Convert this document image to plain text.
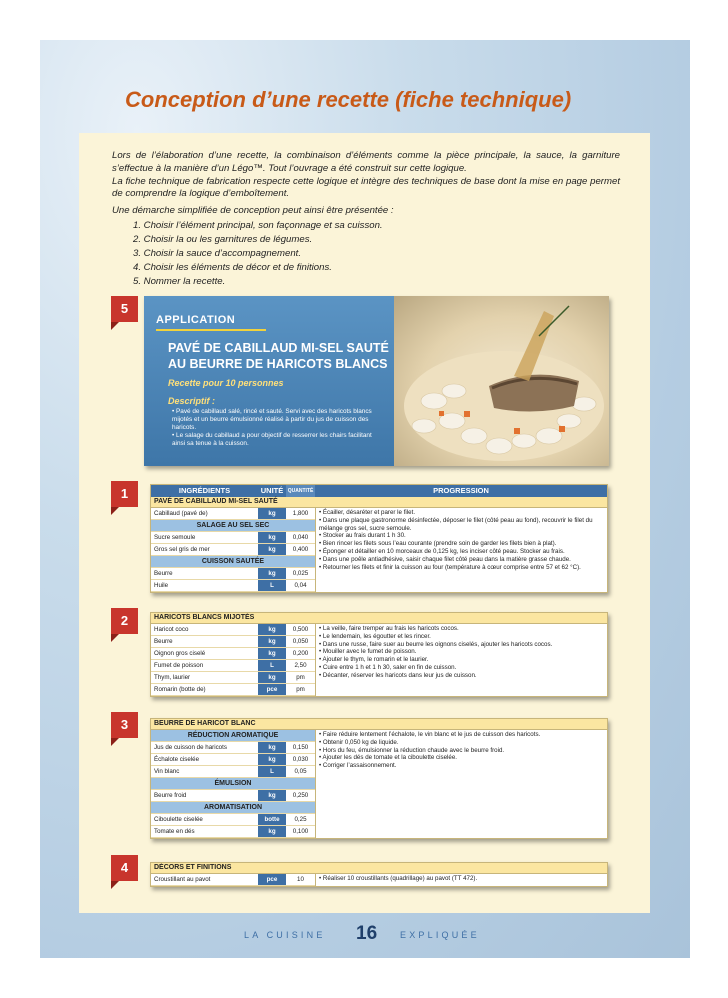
Conception d’une recette (fiche technique)

Lors de l’élaboration d’une recette, la combinaison d’éléments comme la pièce principale, la sauce, la garniture s’effectue à la manière d’un Légo™. Tout l’ouvrage a été construit sur cette logique.

La fiche technique de fabrication respecte cette logique et intègre des techniques de base dont la mise en page permet de comprendre la logique d’emboîtement.

Une démarche simplifiée de conception peut ainsi être présentée :

1. Choisir l’élément principal, son façonnage et sa cuisson.
2. Choisir la ou les garnitures de légumes.
3. Choisir la sauce d’accompagnement.
4. Choisir les éléments de décor et de finitions.
5. Nommer la recette.
5
1
2
3
4
APPLICATION
PAVÉ DE CABILLAUD MI-SEL SAUTÉ
AU BEURRE DE HARICOTS BLANCS
Recette pour 10 personnes
Descriptif :
• Pavé de cabillaud salé, rincé et sauté. Servi avec des haricots blancs mijotés et un beurre émulsionné réalisé à partir du jus de cuisson des haricots.
• Le salage du cabillaud a pour objectif de resserrer les chairs facilitant ainsi sa tenue à la cuisson.
INGRÉDIENTS	UNITÉ QUANTITÉ	PROGRESSION
PAVÉ DE CABILLAUD MI-SEL SAUTÉ
Cabillaud (pavé de)	kg	1,800
SALAGE AU SEL SEC
Sucre semoule	kg	0,040
Gros sel gris de mer	kg	0,400
CUISSON SAUTÉE
Beurre	kg	0,025
Huile	L	0,04
• Écailler, désaréter et parer le filet.
• Dans une plaque gastronorme désinfectée, déposer le filet (côté peau au fond), recouvrir le filet du mélange gros sel, sucre semoule.
• Stocker au frais durant 1 h 30.
• Bien rincer les filets sous l’eau courante (prendre soin de garder les filets bien à plat).
• Éponger et détailler en 10 morceaux de 0,125 kg, les inciser côté peau. Stocker au frais.
• Dans une poêle antiadhésive, saisir chaque filet côté peau dans la matière grasse chaude.
• Retourner les filets et finir la cuisson au four (température à cœur comprise entre 57 et 62 °C).
HARICOTS BLANCS MIJOTÉS
Haricot coco	kg	0,500
Beurre	kg	0,050
Oignon gros ciselé	kg	0,200
Fumet de poisson	L	2,50
Thym, laurier	kg	pm
Romarin (botte de)	pce	pm
• La veille, faire tremper au frais les haricots cocos.
• Le lendemain, les égoutter et les rincer.
• Dans une russe, faire suer au beurre les oignons ciselés, ajouter les haricots cocos.
• Mouiller avec le fumet de poisson.
• Ajouter le thym, le romarin et le laurier.
• Cuire entre 1 h et 1 h 30, saler en fin de cuisson.
• Décanter, réserver les haricots dans leur jus de cuisson.
BEURRE DE HARICOT BLANC
RÉDUCTION AROMATIQUE
Jus de cuisson de haricots	kg	0,150
Échalote ciselée	kg	0,030
Vin blanc	L	0,05
ÉMULSION
Beurre froid	kg	0,250
AROMATISATION
Ciboulette ciselée	botte	0,25
Tomate en dés	kg	0,100
• Faire réduire lentement l’échalote, le vin blanc et le jus de cuisson des haricots.
• Obtenir 0,050 kg de liquide.
• Hors du feu, émulsionner la réduction chaude avec le beurre froid.
• Ajouter les dés de tomate et la ciboulette ciselée.
• Corriger l’assaisonnement.
DÉCORS ET FINITIONS
Croustillant au pavot	pce	10	• Réaliser 10 croustillants (quadrillage) au pavot (TT 472).
LA CUISINE 16	EXPLIQUÉE
